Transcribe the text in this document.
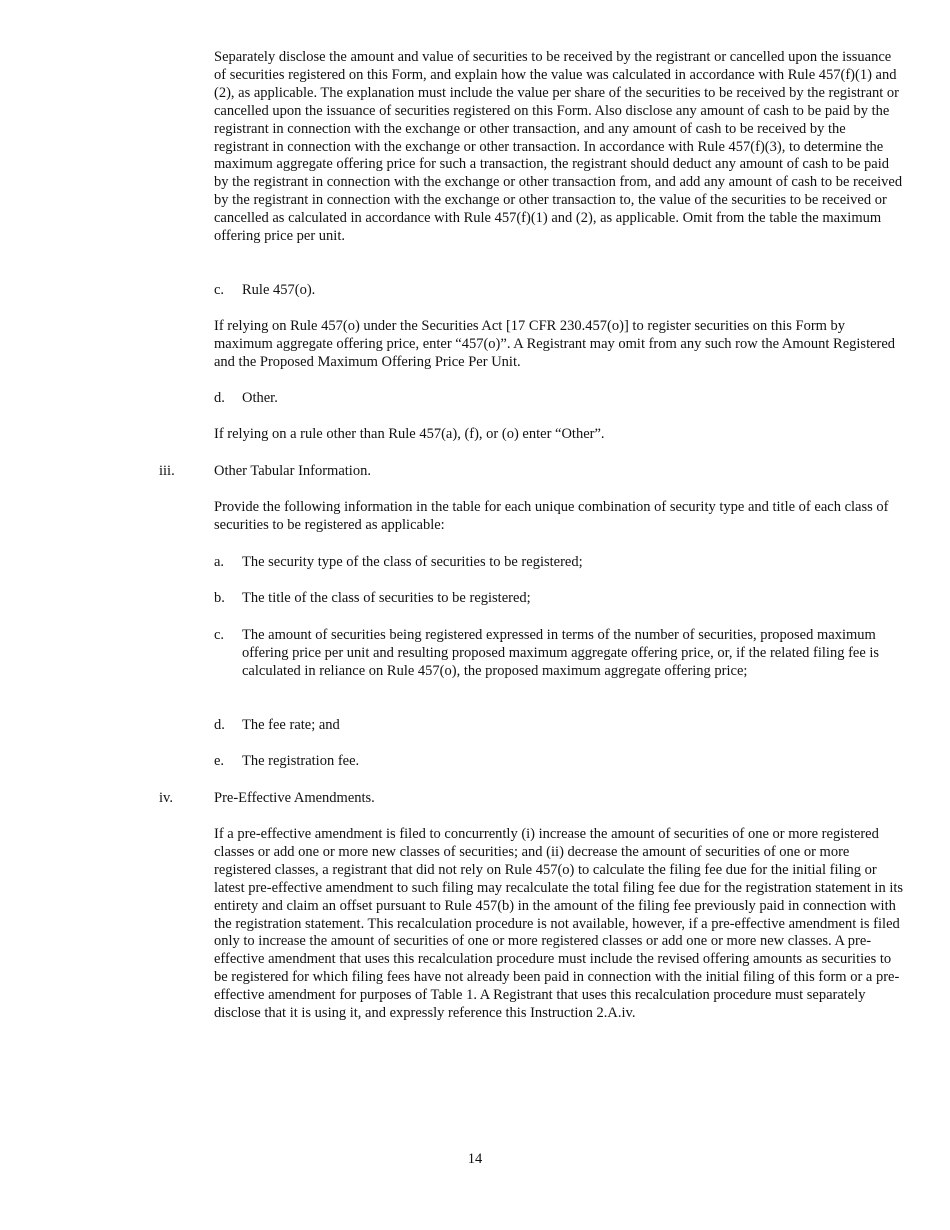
Separately disclose the amount and value of securities to be received by the registrant or cancelled upon the issuance of securities registered on this Form, and explain how the value was calculated in accordance with Rule 457(f)(1) and (2), as applicable. The explanation must include the value per share of the securities to be received by the registrant or cancelled upon the issuance of securities registered on this Form. Also disclose any amount of cash to be paid by the registrant in connection with the exchange or other transaction, and any amount of cash to be received by the registrant in connection with the exchange or other transaction. In accordance with Rule 457(f)(3), to determine the maximum aggregate offering price for such a transaction, the registrant should deduct any amount of cash to be paid by the registrant in connection with the exchange or other transaction from, and add any amount of cash to be received by the registrant in connection with the exchange or other transaction to, the value of the securities to be received or cancelled as calculated in accordance with Rule 457(f)(1) and (2), as applicable. Omit from the table the maximum offering price per unit.

c. Rule 457(o).

If relying on Rule 457(o) under the Securities Act [17 CFR 230.457(o)] to register securities on this Form by maximum aggregate offering price, enter “457(o)”. A Registrant may omit from any such row the Amount Registered and the Proposed Maximum Offering Price Per Unit.

d. Other.

If relying on a rule other than Rule 457(a), (f), or (o) enter “Other”.

iii.	Other Tabular Information.

Provide the following information in the table for each unique combination of security type and title of each class of securities to be registered as applicable:

a. The security type of the class of securities to be registered;
b. The title of the class of securities to be registered;
c. The amount of securities being registered expressed in terms of the number of securities, proposed maximum offering price per unit and resulting proposed maximum aggregate offering price, or, if the related filing fee is calculated in reliance on Rule 457(o), the proposed maximum aggregate offering price;
d. The fee rate; and
e. The registration fee.

iv.	Pre-Effective Amendments.

If a pre-effective amendment is filed to concurrently (i) increase the amount of securities of one or more registered classes or add one or more new classes of securities; and (ii) decrease the amount of securities of one or more registered classes, a registrant that did not rely on Rule 457(o) to calculate the filing fee due for the initial filing or latest pre-effective amendment to such filing may recalculate the total filing fee due for the registration statement in its entirety and claim an offset pursuant to Rule 457(b) in the amount of the filing fee previously paid in connection with the registration statement. This recalculation procedure is not available, however, if a pre-effective amendment is filed only to increase the amount of securities of one or more registered classes or add one or more new classes. A pre-effective amendment that uses this recalculation procedure must include the revised offering amounts as securities to be registered for which filing fees have not already been paid in connection with the initial filing of this form or a pre-effective amendment for purposes of Table 1. A Registrant that uses this recalculation procedure must separately disclose that it is using it, and expressly reference this Instruction 2.A.iv.

14
